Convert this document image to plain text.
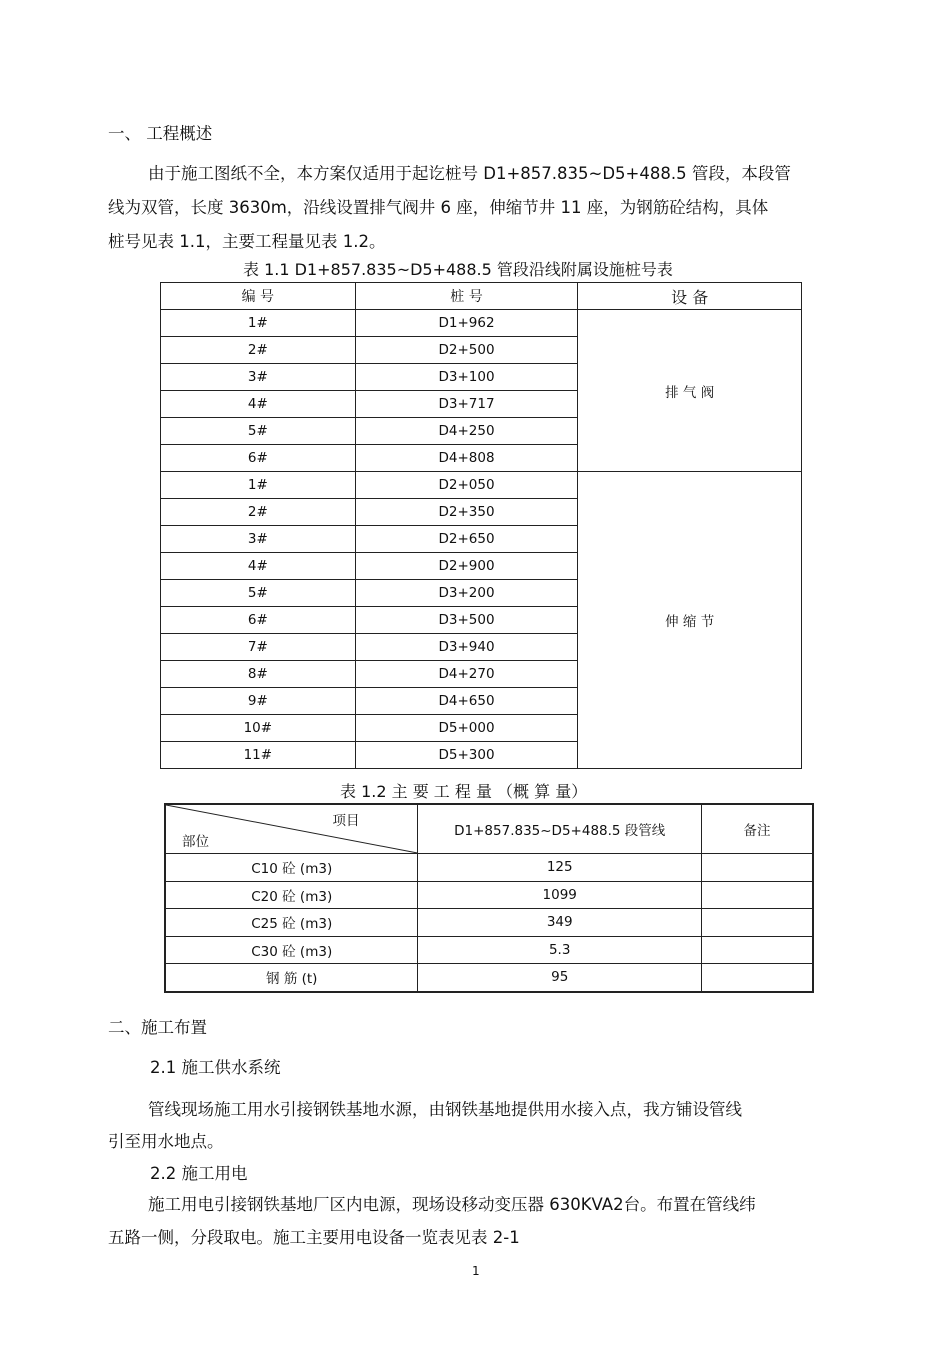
一、 工程概述
由于施工图纸不全，本方案仅适用于起讫桩号 D1+857.835~D5+488.5 管段，本段管
线为双管，长度 3630m，沿线设置排气阀井 6 座，伸缩节井 11 座，为钢筋砼结构，具体
桩号见表 1.1，主要工程量见表 1.2。
表 1.1 D1+857.835~D5+488.5 管段沿线附属设施桩号表
编 号	桩 号	设 备
1#	D1+962	排 气 阀
2#	D2+500	
3#	D3+100	
4#	D3+717	
5#	D4+250	
6#	D4+808	
1#	D2+050	伸 缩 节
2#	D2+350	
3#	D2+650	
4#	D2+900	
5#	D3+200	
6#	D3+500	
7#	D3+940	
8#	D4+270	
9#	D4+650	
10#	D5+000	
11#	D5+300	
表 1.2 主 要 工 程 量 （概 算 量）
项目
部位	D1+857.835~D5+488.5 段管线	备注
C10 砼 (m3)	125	
C20 砼 (m3)	1099	
C25 砼 (m3)	349	
C30 砼 (m3)	5.3	
钢 筋 (t)	95	
二、施工布置
2.1 施工供水系统
管线现场施工用水引接钢铁基地水源，由钢铁基地提供用水接入点，我方铺设管线
引至用水地点。
2.2 施工用电
施工用电引接钢铁基地厂区内电源，现场设移动变压器 630KVA2台。布置在管线纬
五路一侧，分段取电。施工主要用电设备一览表见表 2-1
1
